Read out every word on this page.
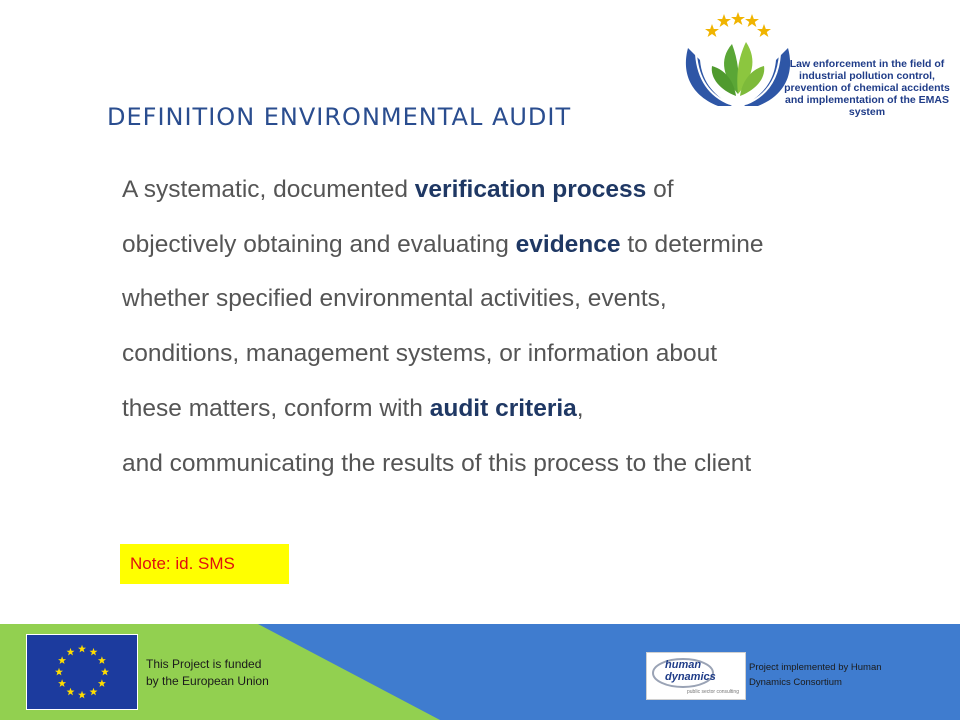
Law enforcement in the field of
industrial pollution control,
prevention of chemical accidents
and implementation of the EMAS system
DEFINITION ENVIRONMENTAL AUDIT
A systematic, documented verification process of
objectively obtaining and evaluating evidence to determine
whether specified environmental activities, events,
conditions, management systems, or information about
these matters, conform with audit criteria,
and communicating the results of this process to the client
Note: id. SMS
This Project is funded
by the European Union
human
dynamics
public sector consulting
Project implemented by Human
Dynamics Consortium
